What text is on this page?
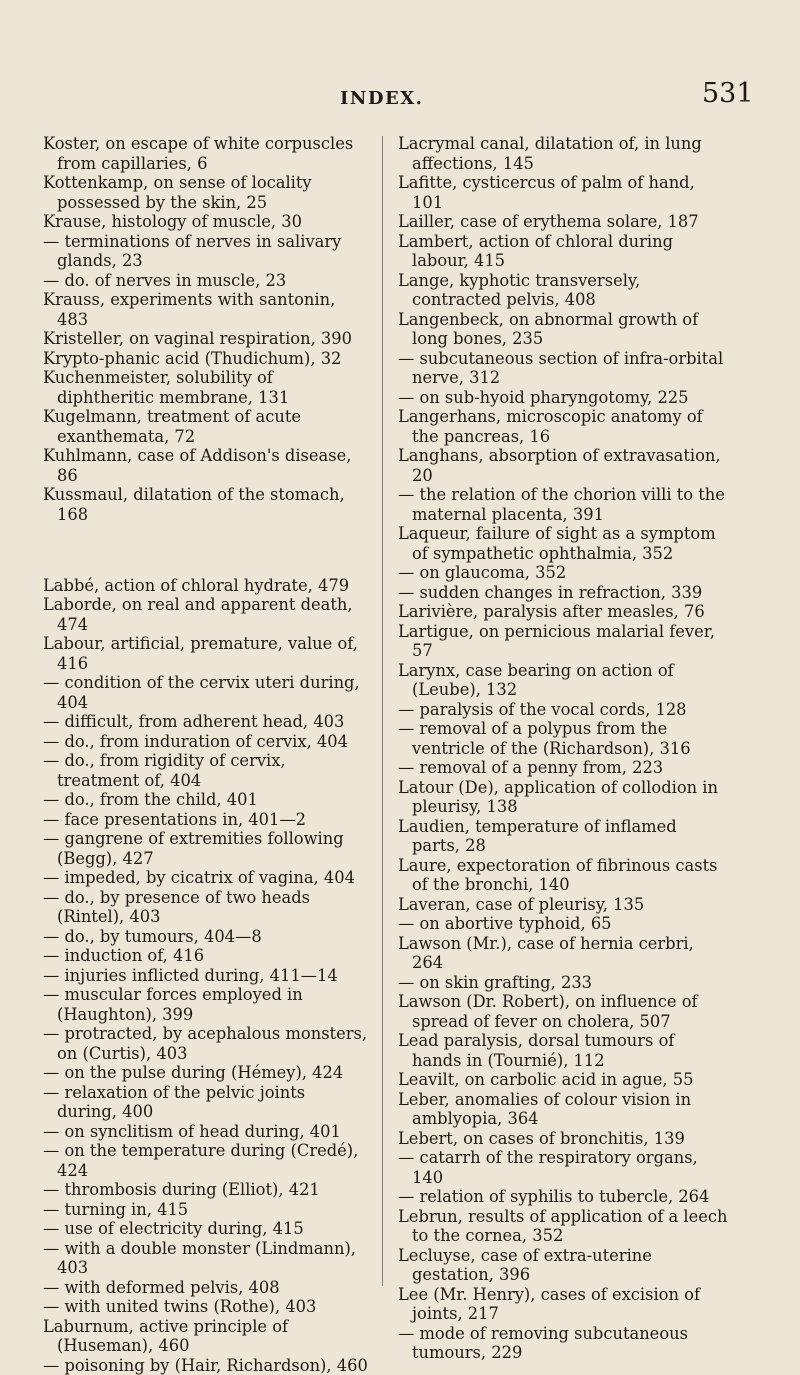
INDEX.	531

Koster, on escape of white corpuscles from capillaries, 6

Kottenkamp, on sense of locality possessed by the skin, 25

Krause, histology of muscle, 30

— terminations of nerves in salivary glands, 23

— do. of nerves in muscle, 23

Krauss, experiments with santonin, 483

Kristeller, on vaginal respiration, 390

Krypto-phanic acid (Thudichum), 32

Kuchenmeister, solubility of diphtheritic membrane, 131

Kugelmann, treatment of acute exanthemata, 72

Kuhlmann, case of Addison's disease, 86

Kussmaul, dilatation of the stomach, 168

Labbé, action of chloral hydrate, 479

Laborde, on real and apparent death, 474

Labour, artificial, premature, value of, 416

— condition of the cervix uteri during, 404

— difficult, from adherent head, 403

— do., from induration of cervix, 404

— do., from rigidity of cervix, treatment of, 404

— do., from the child, 401

— face presentations in, 401—2

— gangrene of extremities following (Begg), 427

— impeded, by cicatrix of vagina, 404

— do., by presence of two heads (Rintel), 403

— do., by tumours, 404—8

— induction of, 416

— injuries inflicted during, 411—14

— muscular forces employed in (Haughton), 399

— protracted, by acephalous monsters, on (Curtis), 403

— on the pulse during (Hémey), 424

— relaxation of the pelvic joints during, 400

— on synclitism of head during, 401

— on the temperature during (Credé), 424

— thrombosis during (Elliot), 421

— turning in, 415

— use of electricity during, 415

— with a double monster (Lindmann), 403

— with deformed pelvis, 408

— with united twins (Rothe), 403

Laburnum, active principle of (Huseman), 460

— poisoning by (Hair, Richardson), 460

Lacrymal canal, dilatation of, in lung affections, 145

Lafitte, cysticercus of palm of hand, 101

Lailler, case of erythema solare, 187

Lambert, action of chloral during labour, 415

Lange, kyphotic transversely, contracted pelvis, 408

Langenbeck, on abnormal growth of long bones, 235

— subcutaneous section of infra-orbital nerve, 312

— on sub-hyoid pharyngotomy, 225

Langerhans, microscopic anatomy of the pancreas, 16

Langhans, absorption of extravasation, 20

— the relation of the chorion villi to the maternal placenta, 391

Laqueur, failure of sight as a symptom of sympathetic ophthalmia, 352

— on glaucoma, 352

— sudden changes in refraction, 339

Larivière, paralysis after measles, 76

Lartigue, on pernicious malarial fever, 57

Larynx, case bearing on action of (Leube), 132

— paralysis of the vocal cords, 128

— removal of a polypus from the ventricle of the (Richardson), 316

— removal of a penny from, 223

Latour (De), application of collodion in pleurisy, 138

Laudien, temperature of inflamed parts, 28

Laure, expectoration of fibrinous casts of the bronchi, 140

Laveran, case of pleurisy, 135

— on abortive typhoid, 65

Lawson (Mr.), case of hernia cerbri, 264

— on skin grafting, 233

Lawson (Dr. Robert), on influence of spread of fever on cholera, 507

Lead paralysis, dorsal tumours of hands in (Tournié), 112

Leavilt, on carbolic acid in ague, 55

Leber, anomalies of colour vision in amblyopia, 364

Lebert, on cases of bronchitis, 139

— catarrh of the respiratory organs, 140

— relation of syphilis to tubercle, 264

Lebrun, results of application of a leech to the cornea, 352

Lecluyse, case of extra-uterine gestation, 396

Lee (Mr. Henry), cases of excision of joints, 217

— mode of removing subcutaneous tumours, 229
